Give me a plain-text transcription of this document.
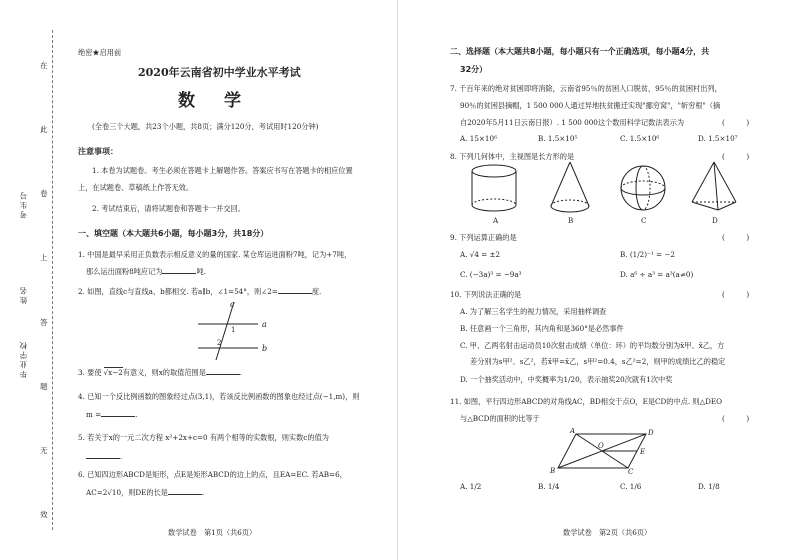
在
此
卷
上
答
题
无
效
考生号
姓名
毕业学校
绝密★启用前
2020年云南省初中学业水平考试
数　学
(全卷三个大题，共23个小题，共8页；满分120分，考试用时120分钟)
注意事项：
1. 本卷为试题卷。考生必须在答题卡上解题作答。答案应书写在答题卡的相应位置
上，在试题卷、草稿纸上作答无效。
2. 考试结束后，请将试题卷和答题卡一并交回。
一、填空题（本大题共6小题，每小题3分，共18分）
1. 中国是最早采用正负数表示相反意义的量的国家. 某仓库运进面粉7吨，记为+7吨，
那么运出面粉8吨应记为	吨.
2. 如图，直线c与直线a、b都相交. 若a∥b，∠1=54°，则∠2=	度.
c
a
b
1
2
3. 要使 √x−2有意义，则x的取值范围是	.
4. 已知一个反比例函数的图象经过点(3,1)，若该反比例函数的图象也经过点(−1,m)，则
m =	.
5. 若关于x的一元二次方程 x²+2x+c=0 有两个相等的实数根，则实数c的值为
.
6. 已知四边形ABCD是矩形，点E是矩形ABCD的边上的点，且EA=EC. 若AB=6，
AC=2√10，则DE的长是	.
数学试卷　第1页（共6页）
二、选择题（本大题共8小题，每小题只有一个正确选项，每小题4分，共
32分）
7. 千百年来的绝对贫困即将消除，云南省95％的贫困人口脱贫，95％的贫困村出列，
90％的贫困县摘帽，1 500 000人通过异地扶贫搬迁实现"挪穷窝"，"斩穷根"（摘
自2020年5月11日云南日报）. 1 500 000这个数用科学记数法表示为	(　　　)
A. 15×10⁶	B. 1.5×10⁵	C. 1.5×10⁶	D. 1.5×10⁷
8. 下列几何体中，主视图是长方形的是	(　　　)
A	B	C	D
9. 下列运算正确的是	(　　　)
A. √4 = ±2	B. (1/2)⁻¹ = −2
C. (−3a)³ = −9a³	D. a⁶ ÷ a³ = a³(a≠0)
10. 下列说法正确的是	(　　　)
A. 为了解三名学生的视力情况，采用抽样调查
B. 任意画一个三角形，其内角和是360°是必然事件
C. 甲、乙两名射击运动员10次射击成绩（单位：环）的平均数分别为x̄甲、x̄乙，方
差分别为s甲²、s乙²，若x̄甲=x̄乙，s甲²=0.4，s乙²=2，则甲的成绩比乙的稳定
D. 一个抽奖活动中，中奖概率为1/20，表示抽奖20次就有1次中奖
11. 如图，平行四边形ABCD的对角线AC，BD相交于点O，E是CD的中点. 则△DEO
与△BCD的面积的比等于	(　　　)
A
B	C
D
O
E
A. 1/2	B. 1/4	C. 1/6	D. 1/8
数学试卷　第2页（共6页）
